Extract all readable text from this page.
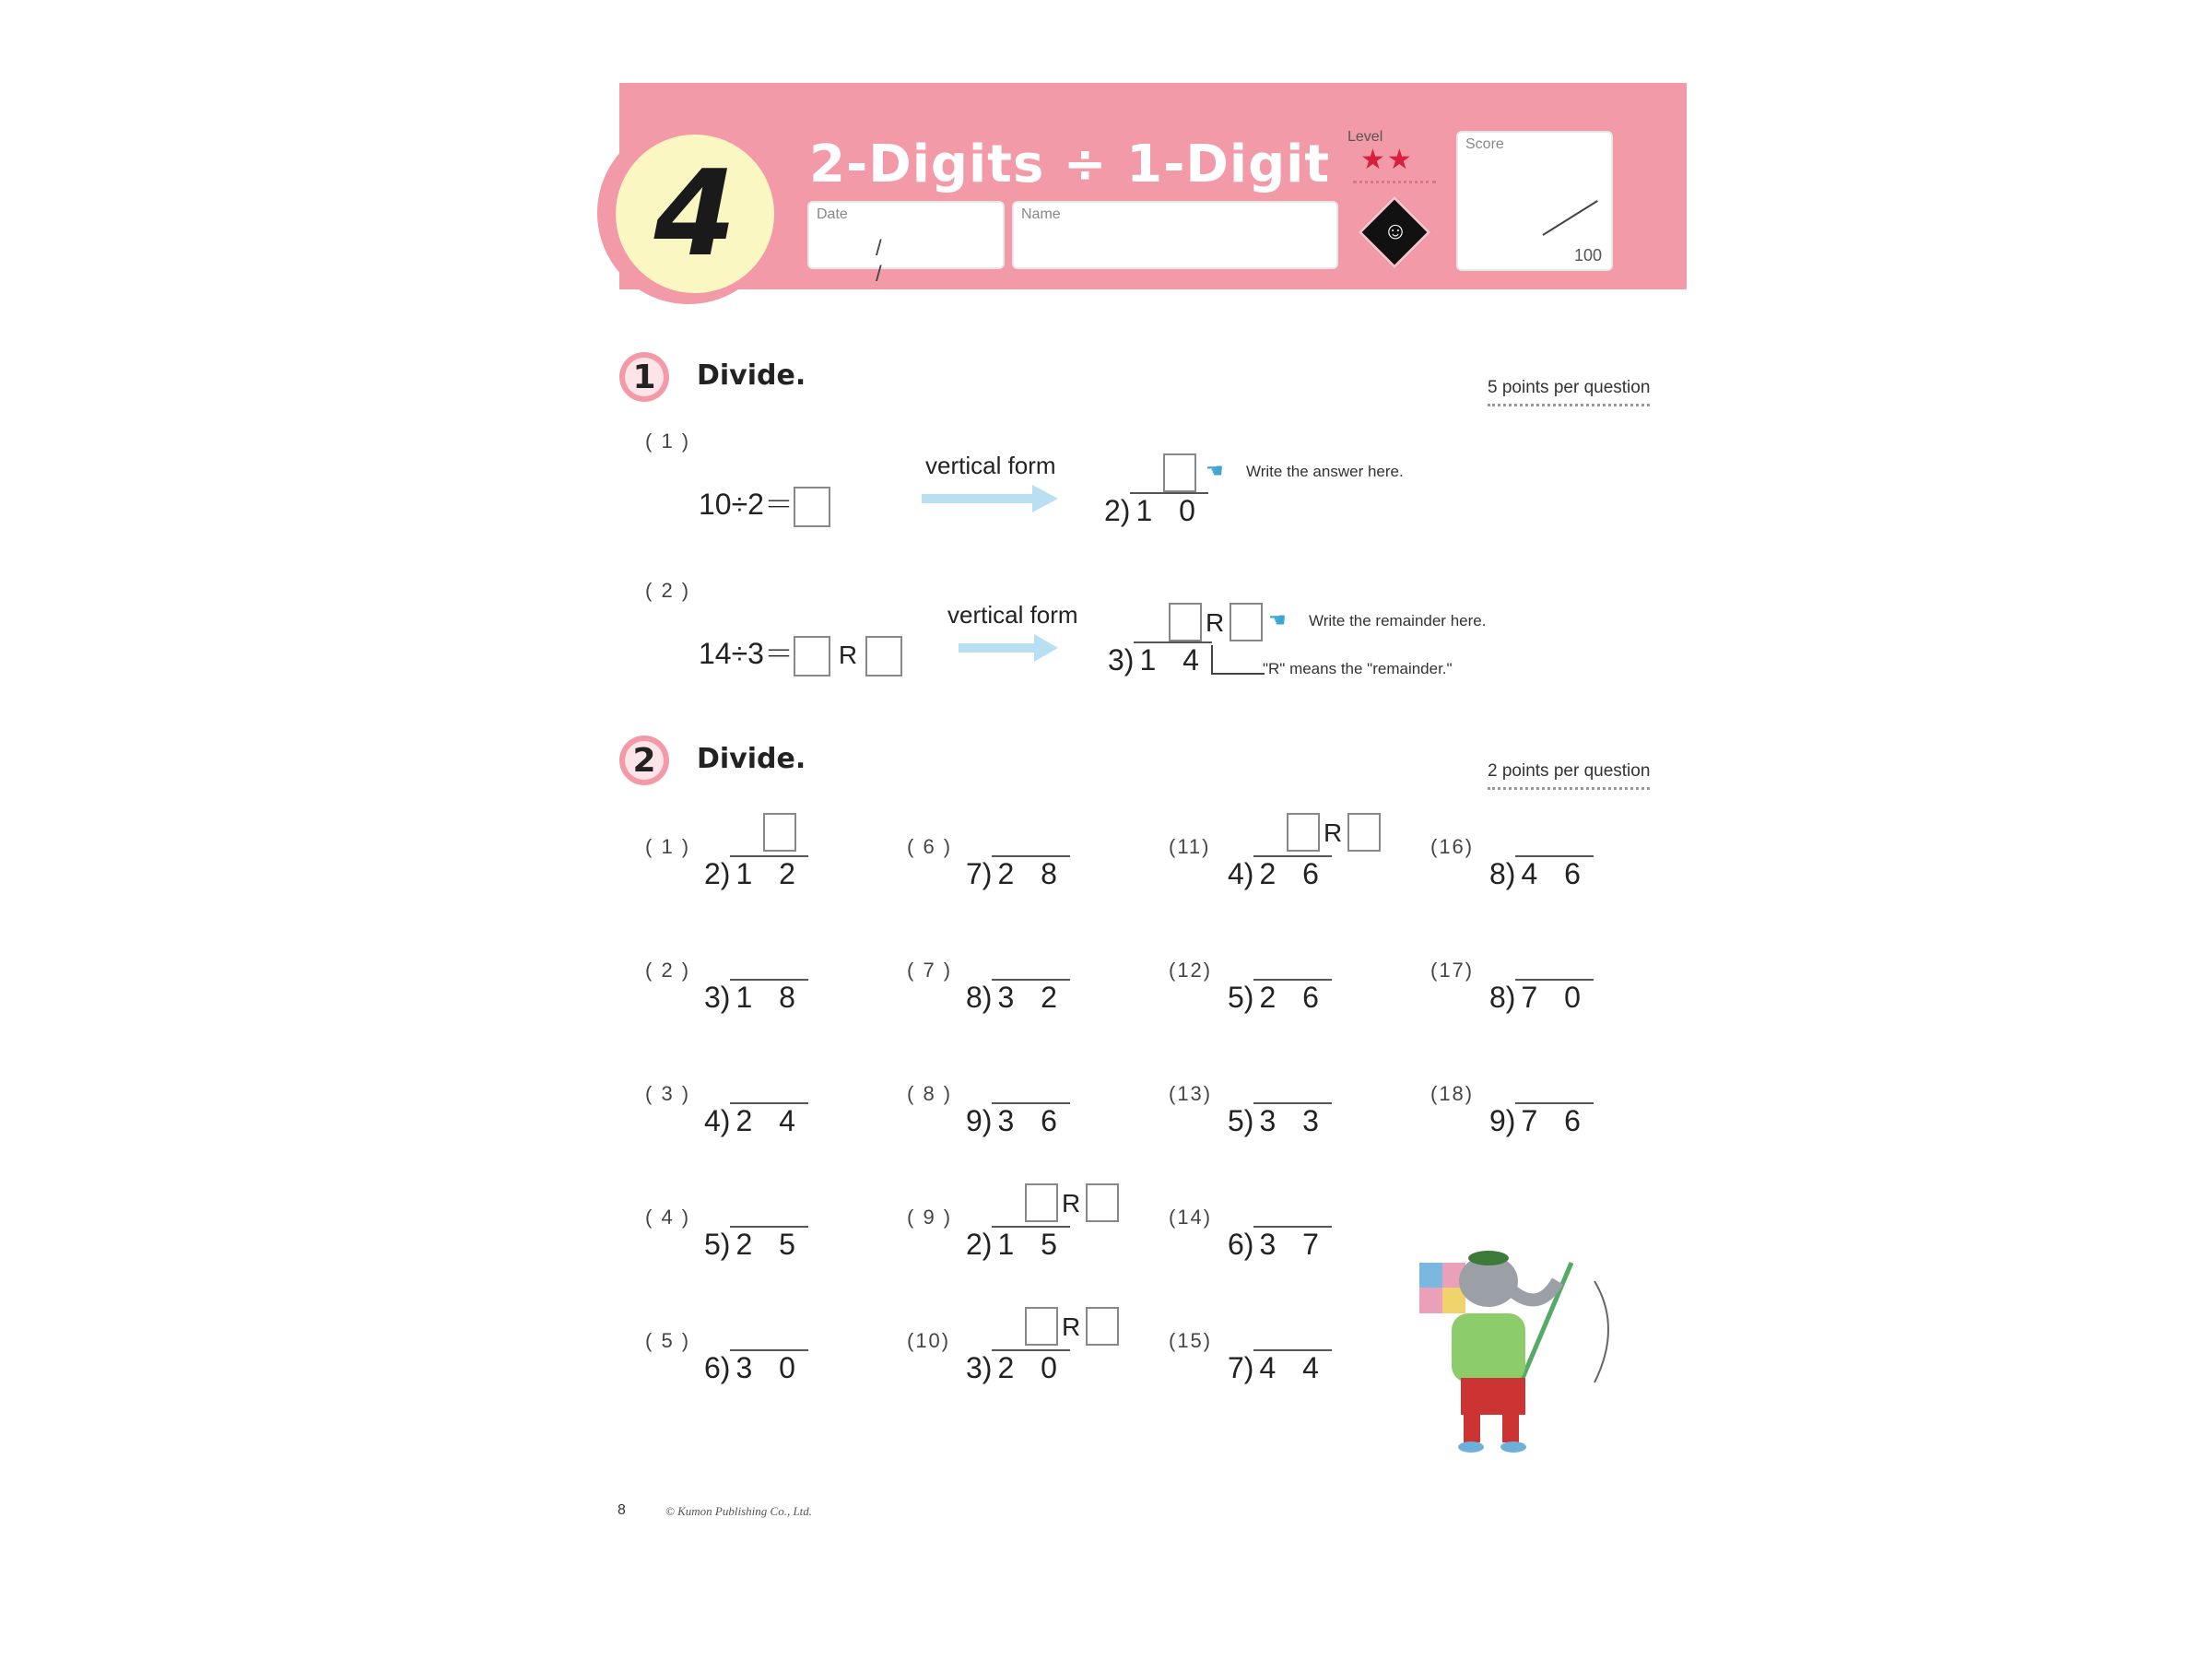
4 2-Digits ÷ 1-Digit
Date
/ /
Name
Level
★★
☺
Score
100
1 Divide.	5 points per question
( 1 )
10÷2＝
vertical form
2) 1 0
☚ Write the answer here.
( 2 )
14÷3＝ R
vertical form	R
3) 1 4
☚ Write the remainder here.
"R" means the "remainder."
2 Divide.	2 points per question
( 1 )
2) 1 2
( 2 )
3) 1 8
( 3 )
4) 2 4
( 4 )
5) 2 5
( 5 )
6) 3 0
( 6 )
7) 2 8
( 7 )
8) 3 2
( 8 )
9) 3 6
( 9 )
2) 1 5
R
(10)
3) 2 0
R
(11)
4) 2 6
R
(12)
5) 2 6
(13)
5) 3 3
(14)
6) 3 7
(15)
7) 4 4
(16)
8) 4 6
(17)
8) 7 0
(18)
9) 7 6
8	© Kumon Publishing Co., Ltd.
